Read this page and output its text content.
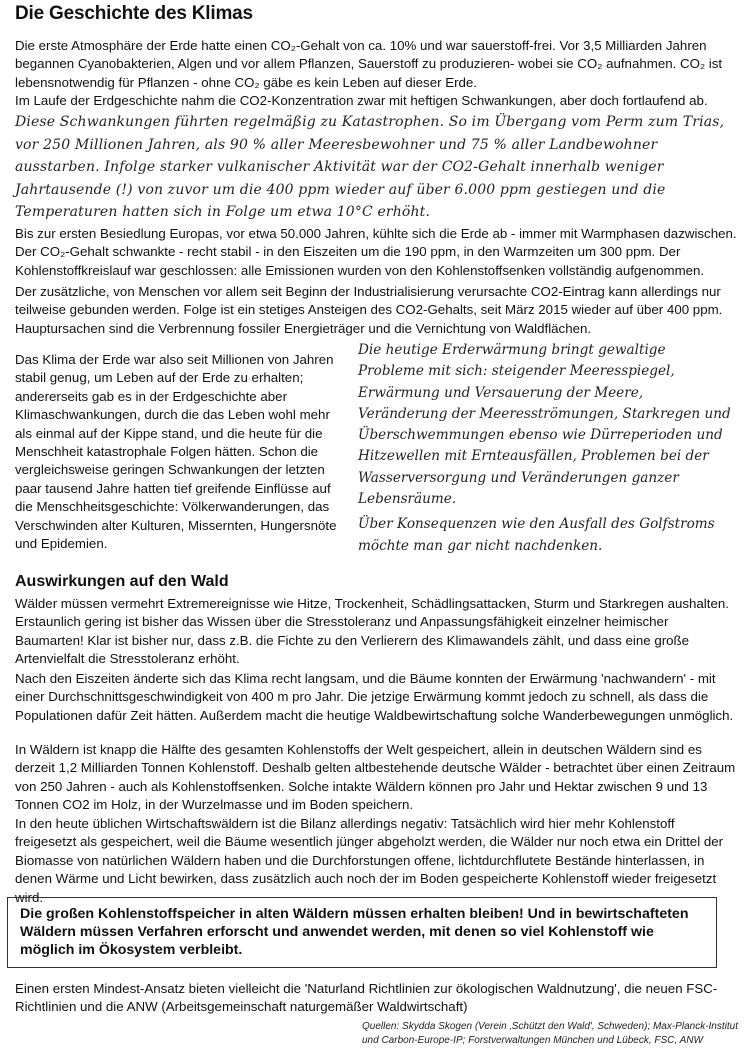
Die Geschichte des Klimas

Die erste Atmosphäre der Erde hatte einen CO₂-Gehalt von ca. 10% und war sauerstoff-frei. Vor 3,5 Milliarden Jahren begannen Cyanobakterien, Algen und vor allem Pflanzen, Sauerstoff zu produzieren- wobei sie CO₂ aufnahmen. CO₂ ist lebensnotwendig für Pflanzen - ohne CO₂ gäbe es kein Leben auf dieser Erde.

Im Laufe der Erdgeschichte nahm die CO2-Konzentration zwar mit heftigen Schwankungen, aber doch fortlaufend ab.

Diese Schwankungen führten regelmäßig zu Katastrophen. So im Übergang vom Perm zum Trias, vor 250 Millionen Jahren, als 90 % aller Meeresbewohner und 75 % aller Landbewohner ausstarben. Infolge starker vulkanischer Aktivität war der CO2-Gehalt innerhalb weniger Jahrtausende (!) von zuvor um die 400 ppm wieder auf über 6.000 ppm gestiegen und die Temperaturen hatten sich in Folge um etwa 10°C erhöht.

Bis zur ersten Besiedlung Europas, vor etwa 50.000 Jahren, kühlte sich die Erde ab - immer mit Warmphasen dazwischen. Der CO₂-Gehalt schwankte - recht stabil - in den Eiszeiten um die 190 ppm, in den Warmzeiten um 300 ppm. Der Kohlenstoffkreislauf war geschlossen: alle Emissionen wurden von den Kohlenstoffsenken vollständig aufgenommen.

Der zusätzliche, von Menschen vor allem seit Beginn der Industrialisierung verursachte CO2-Eintrag kann allerdings nur teilweise gebunden werden. Folge ist ein stetiges Ansteigen des CO2-Gehalts, seit März 2015 wieder auf über 400 ppm. Hauptursachen sind die Verbrennung fossiler Energieträger und die Vernichtung von Waldflächen.

Das Klima der Erde war also seit Millionen von Jahren stabil genug, um Leben auf der Erde zu erhalten; andererseits gab es in der Erdgeschichte aber Klimaschwankungen, durch die das Leben wohl mehr als einmal auf der Kippe stand, und die heute für die Menschheit katastrophale Folgen hätten. Schon die vergleichsweise geringen Schwankungen der letzten paar tausend Jahre hatten tief greifende Einflüsse auf die Menschheitsgeschichte: Völkerwanderungen, das Verschwinden alter Kulturen, Missernten, Hungersnöte und Epidemien.

Die heutige Erderwärmung bringt gewaltige Probleme mit sich: steigender Meeresspiegel, Erwärmung und Versauerung der Meere, Veränderung der Meeresströmungen, Starkregen und Überschwemmungen ebenso wie Dürreperioden und Hitzewellen mit Ernteausfällen, Problemen bei der Wasserversorgung und Veränderungen ganzer Lebensräume.

Über Konsequenzen wie den Ausfall des Golfstroms möchte man gar nicht nachdenken.

Auswirkungen auf den Wald

Wälder müssen vermehrt Extremereignisse wie Hitze, Trockenheit, Schädlingsattacken, Sturm und Starkregen aushalten. Erstaunlich gering ist bisher das Wissen über die Stresstoleranz und Anpassungsfähigkeit einzelner heimischer Baumarten! Klar ist bisher nur, dass z.B. die Fichte zu den Verlierern des Klimawandels zählt, und dass eine große Artenvielfalt die Stresstoleranz erhöht.

Nach den Eiszeiten änderte sich das Klima recht langsam, und die Bäume konnten der Erwärmung 'nachwandern' - mit einer Durchschnittsgeschwindigkeit von 400 m pro Jahr. Die jetzige Erwärmung kommt jedoch zu schnell, als dass die Populationen dafür Zeit hätten. Außerdem macht die heutige Waldbewirtschaftung solche Wanderbewegungen unmöglich.

In Wäldern ist knapp die Hälfte des gesamten Kohlenstoffs der Welt gespeichert, allein in deutschen Wäldern sind es derzeit 1,2 Milliarden Tonnen Kohlenstoff. Deshalb gelten altbestehende deutsche Wälder - betrachtet über einen Zeitraum von 250 Jahren - auch als Kohlenstoffsenken. Solche intakte Wäldern können pro Jahr und Hektar zwischen 9 und 13 Tonnen CO2 im Holz, in der Wurzelmasse und im Boden speichern.

In den heute üblichen Wirtschaftswäldern ist die Bilanz allerdings negativ: Tatsächlich wird hier mehr Kohlenstoff freigesetzt als gespeichert, weil die Bäume wesentlich jünger abgeholzt werden, die Wälder nur noch etwa ein Drittel der Biomasse von natürlichen Wäldern haben und die Durchforstungen offene, lichtdurchflutete Bestände hinterlassen, in denen Wärme und Licht bewirken, dass zusätzlich auch noch der im Boden gespeicherte Kohlenstoff wieder freigesetzt wird.

Die großen Kohlenstoffspeicher in alten Wäldern müssen erhalten bleiben! Und in bewirtschafteten Wäldern müssen Verfahren erforscht und anwendet werden, mit denen so viel Kohlenstoff wie möglich im Ökosystem verbleibt.

Einen ersten Mindest-Ansatz bieten vielleicht die 'Naturland Richtlinien zur ökologischen Waldnutzung', die neuen FSC-Richtlinien und die ANW (Arbeitsgemeinschaft naturgemäßer Waldwirtschaft)

Quellen: Skydda Skogen (Verein ‚Schützt den Wald', Schweden); Max-Planck-Institut und Carbon-Europe-IP; Forstverwaltungen München und Lübeck, FSC, ANW
